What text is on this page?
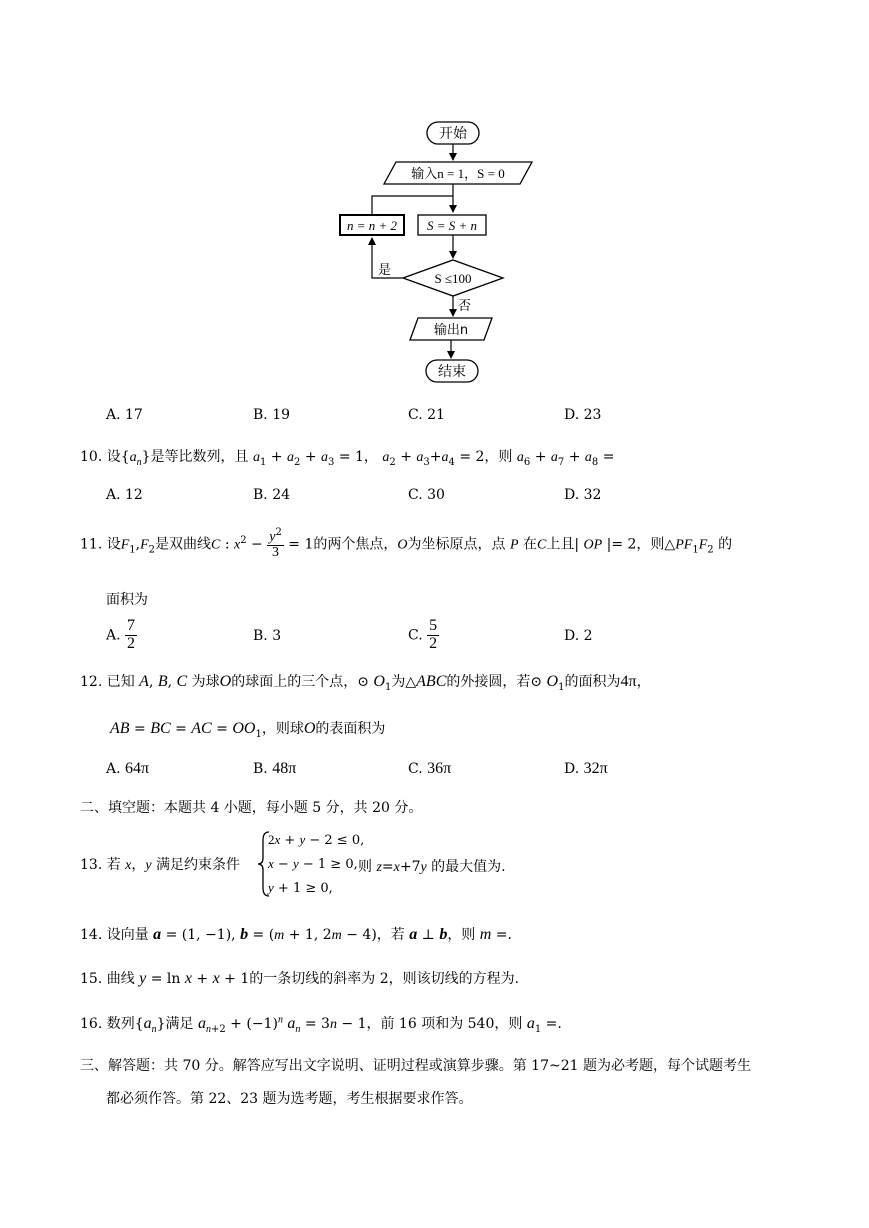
开始
输入n = 1，S = 0
S = S + n
n = n + 2
S ≤100
是
否
输出n
结束
A. 17	B. 19	C. 21	D. 23
10. 设$\{a_n\}$是等比数列，且 $a_1 + a_2 + a_3 = 1$， $a_2 + a_3+a_4 = 2$，则 $a_6 + a_7 + a_8$ =
A. 12	B. 24	C. 30	D. 32
11. 设$F_1,F_2$是双曲线C : $x^2 - \frac{y^2}{3} = 1$的两个焦点，O为坐标原点，点 P 在C上且| OP |= 2，则$\triangle PF_1F_2$ 的
面积为
A. $\frac{7}{2}$	B. 3	C. $\frac{5}{2}$	D. 2
12. 已知 A, B, C 为球O的球面上的三个点，⊙ $O_1$为△ABC的外接圆，若⊙ $O_1$的面积为4π，
AB = BC = AC = $OO_1$，则球O的表面积为
A. 64π	B. 48π	C. 36π	D. 32π
二、填空题：本题共 4 小题，每小题 5 分，共 20 分。
13. 若 x，y 满足约束条件
2x + y − 2 ≤ 0,
x − y − 1 ≥ 0,
y + 1 ≥ 0,
则 z=x+7y 的最大值为.
14. 设向量 a = (1, −1), b = (m + 1, 2m − 4)，若 a ⊥ b，则 m =.
15. 曲线 y = ln x + x + 1的一条切线的斜率为 2，则该切线的方程为.
16. 数列$\{a_n\}$满足 $a_{n+2} + (-1)^n$ $a_n = 3n - 1$，前 16 项和为 540，则 $a_1$ =.
三、解答题：共 70 分。解答应写出文字说明、证明过程或演算步骤。第 17~21 题为必考题，每个试题考生
都必须作答。第 22、23 题为选考题，考生根据要求作答。
